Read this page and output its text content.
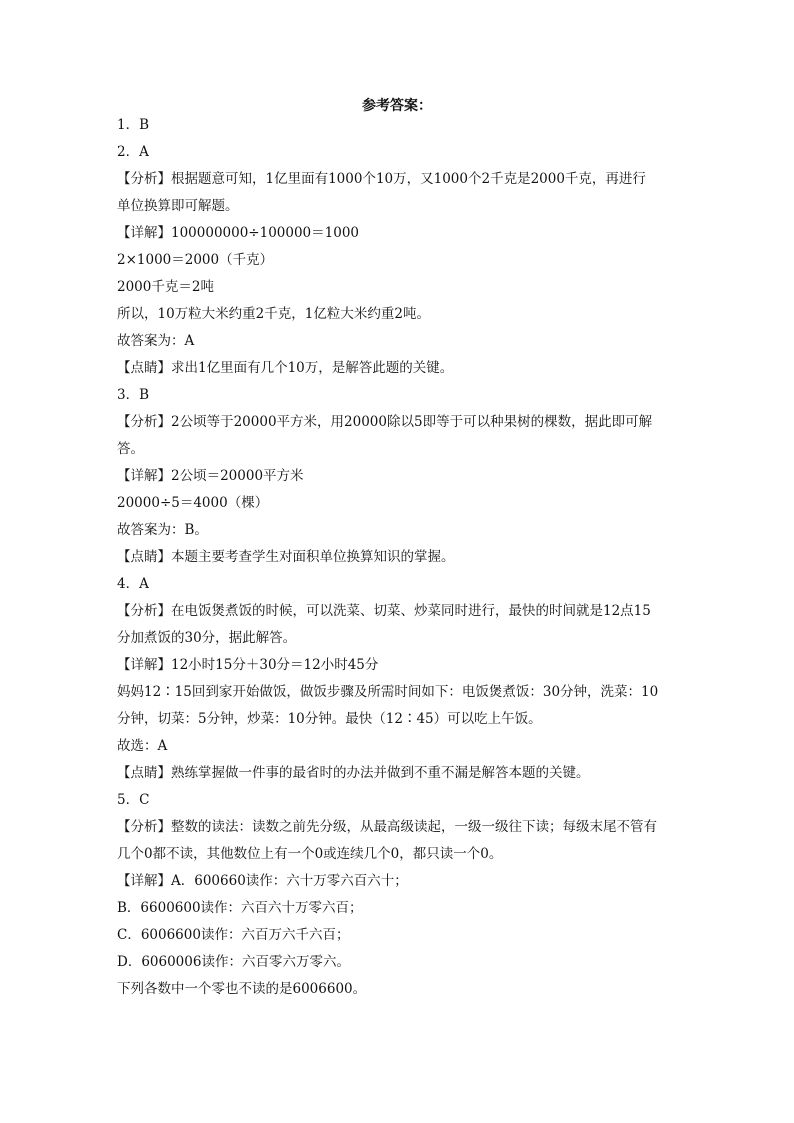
参考答案：
1．B
2．A
【分析】根据题意可知，1亿里面有1000个10万，又1000个2千克是2000千克，再进行
单位换算即可解题。
【详解】100000000÷100000＝1000
2×1000＝2000（千克）
2000千克＝2吨
所以，10万粒大米约重2千克，1亿粒大米约重2吨。
故答案为：A
【点睛】求出1亿里面有几个10万，是解答此题的关键。
3．B
【分析】2公顷等于20000平方米，用20000除以5即等于可以种果树的棵数，据此即可解
答。
【详解】2公顷＝20000平方米
20000÷5＝4000（棵）
故答案为：B。
【点睛】本题主要考查学生对面积单位换算知识的掌握。
4．A
【分析】在电饭煲煮饭的时候，可以洗菜、切菜、炒菜同时进行，最快的时间就是12点15
分加煮饭的30分，据此解答。
【详解】12小时15分＋30分＝12小时45分
妈妈12∶15回到家开始做饭，做饭步骤及所需时间如下：电饭煲煮饭：30分钟，洗菜：10
分钟，切菜：5分钟，炒菜：10分钟。最快（12∶45）可以吃上午饭。
故选：A
【点睛】熟练掌握做一件事的最省时的办法并做到不重不漏是解答本题的关键。
5．C
【分析】整数的读法：读数之前先分级，从最高级读起，一级一级往下读；每级末尾不管有
几个0都不读，其他数位上有一个0或连续几个0，都只读一个0。
【详解】A．600660读作：六十万零六百六十；
B．6600600读作：六百六十万零六百；
C．6006600读作：六百万六千六百；
D．6060006读作：六百零六万零六。
下列各数中一个零也不读的是6006600。
